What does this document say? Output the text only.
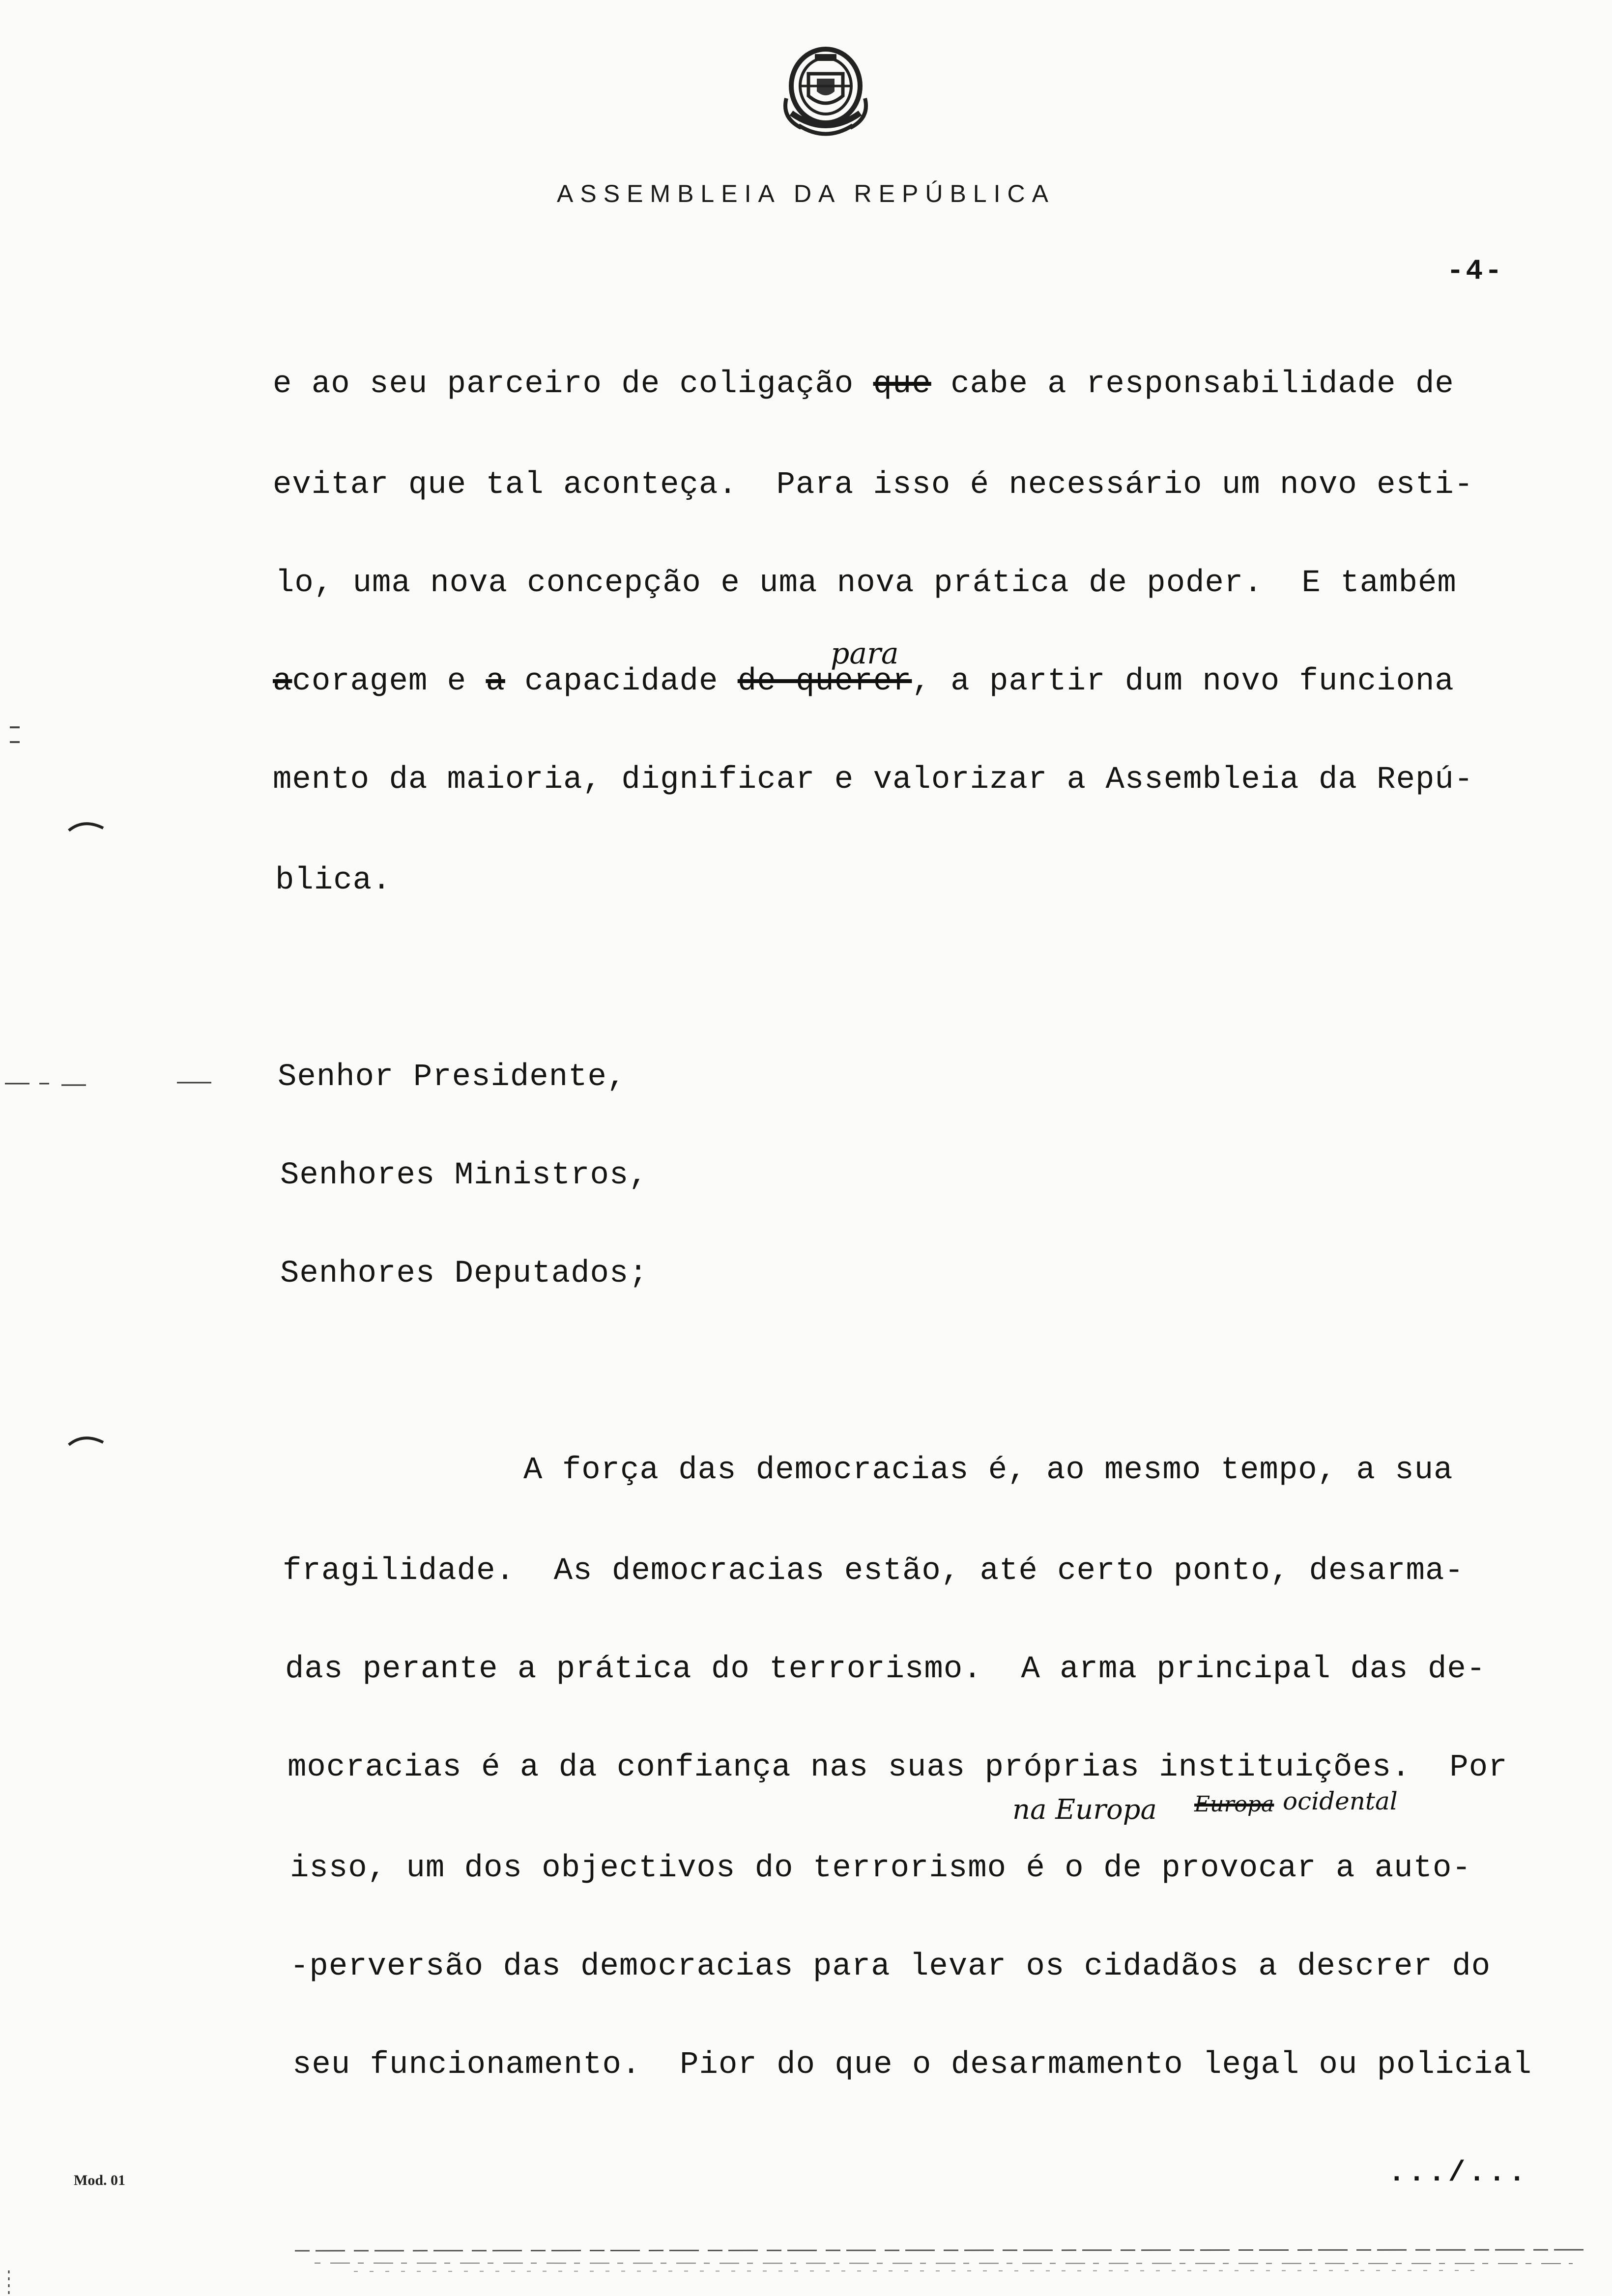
ASSEMBLEIA DA REPÚBLICA
-4-
e ao seu parceiro de coligação que cabe a responsabilidade de
evitar que tal aconteça.  Para isso é necessário um novo esti-
lo, uma nova concepção e uma nova prática de poder.  E também
acoragem e a capacidade de querer, a partir dum novo funciona
para
mento da maioria, dignificar e valorizar a Assembleia da Repú-
blica.
Senhor Presidente,
Senhores Ministros,
Senhores Deputados;
A força das democracias é, ao mesmo tempo, a sua
fragilidade.  As democracias estão, até certo ponto, desarma-
das perante a prática do terrorismo.  A arma principal das de-
mocracias é a da confiança nas suas próprias instituições.  Por
na Europa Europa ocidental
isso, um dos objectivos do terrorismo é o de provocar a auto-
-perversão das democracias para levar os cidadãos a descrer do
seu funcionamento.  Pior do que o desarmamento legal ou policial
.../...
Mod. 01
